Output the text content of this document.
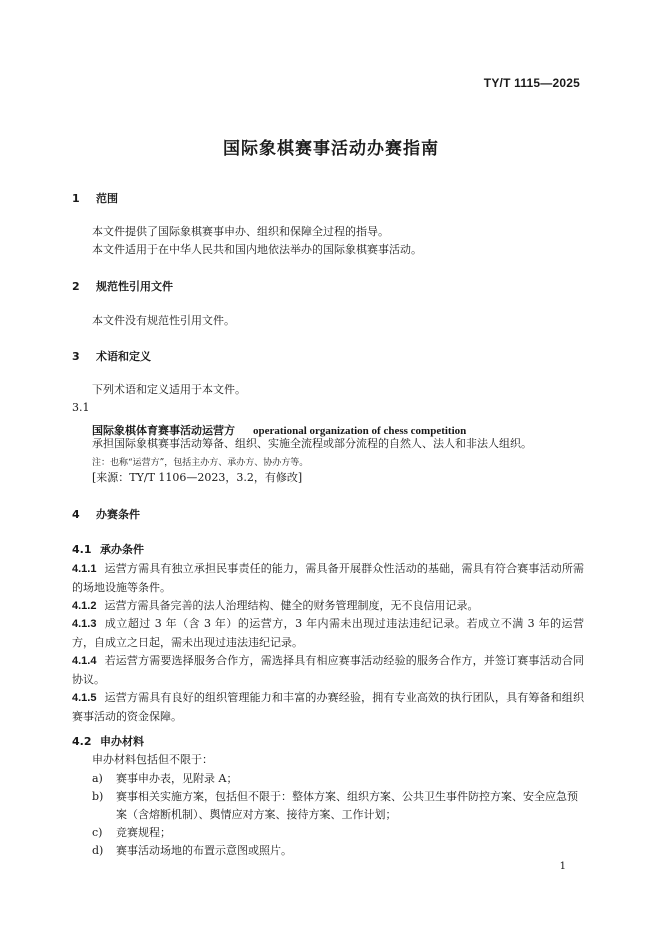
TY/T 1115—2025
国际象棋赛事活动办赛指南
1 范围
本文件提供了国际象棋赛事申办、组织和保障全过程的指导。
本文件适用于在中华人民共和国内地依法举办的国际象棋赛事活动。
2 规范性引用文件
本文件没有规范性引用文件。
3 术语和定义
下列术语和定义适用于本文件。
3.1
国际象棋体育赛事活动运营方 operational organization of chess competition
承担国际象棋赛事活动筹备、组织、实施全流程或部分流程的自然人、法人和非法人组织。
注：也称“运营方”，包括主办方、承办方、协办方等。
[来源：TY/T 1106—2023，3.2，有修改]
4 办赛条件
4.1 承办条件
4.1.1 运营方需具有独立承担民事责任的能力，需具备开展群众性活动的基础，需具有符合赛事活动所需的场地设施等条件。
4.1.2 运营方需具备完善的法人治理结构、健全的财务管理制度，无不良信用记录。
4.1.3 成立超过 3 年（含 3 年）的运营方，3 年内需未出现过违法违纪记录。若成立不满 3 年的运营方，自成立之日起，需未出现过违法违纪记录。
4.1.4 若运营方需要选择服务合作方，需选择具有相应赛事活动经验的服务合作方，并签订赛事活动合同协议。
4.1.5 运营方需具有良好的组织管理能力和丰富的办赛经验，拥有专业高效的执行团队，具有筹备和组织赛事活动的资金保障。
4.2 申办材料
申办材料包括但不限于：
a) 赛事申办表，见附录 A；
b) 赛事相关实施方案，包括但不限于：整体方案、组织方案、公共卫生事件防控方案、安全应急预案（含熔断机制）、舆情应对方案、接待方案、工作计划；
c) 竞赛规程；
d) 赛事活动场地的布置示意图或照片。
1
